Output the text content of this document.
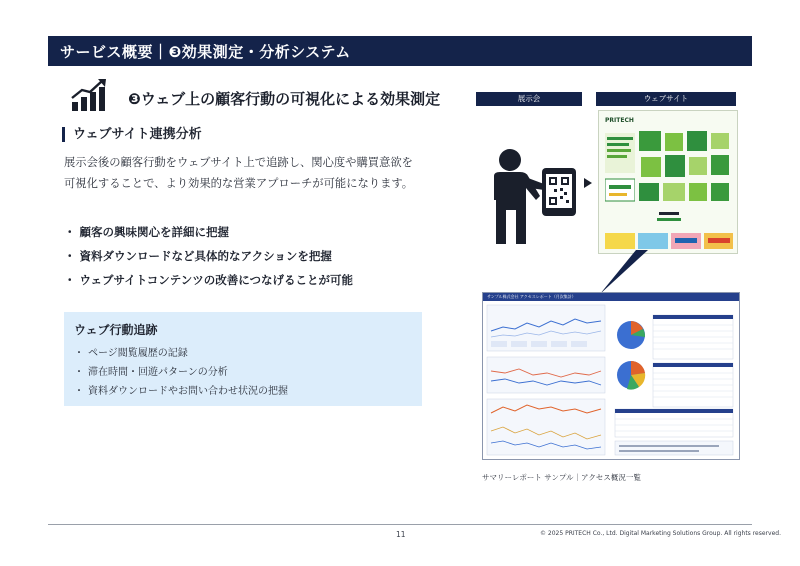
サービス概要｜❸効果測定・分析システム
❸ウェブ上の顧客行動の可視化による効果測定
ウェブサイト連携分析

展示会後の顧客行動をウェブサイト上で追跡し、関心度や購買意欲を可視化することで、より効果的な営業アプローチが可能になります。

・ 顧客の興味関心を詳細に把握
・ 資料ダウンロードなど具体的なアクションを把握
・ ウェブサイトコンテンツの改善につなげることが可能
ウェブ行動追跡
・ ページ閲覧履歴の記録
・ 滞在時間・回遊パターンの分析
・ 資料ダウンロードやお問い合わせ状況の把握
展示会	ウェブサイト
PRITECH
サンプル株式会社 アクセスレポート（月次集計）
サマリーレポート サンプル｜アクセス概況一覧
11	© 2025 PRITECH Co., Ltd. Digital Marketing Solutions Group. All rights reserved.
